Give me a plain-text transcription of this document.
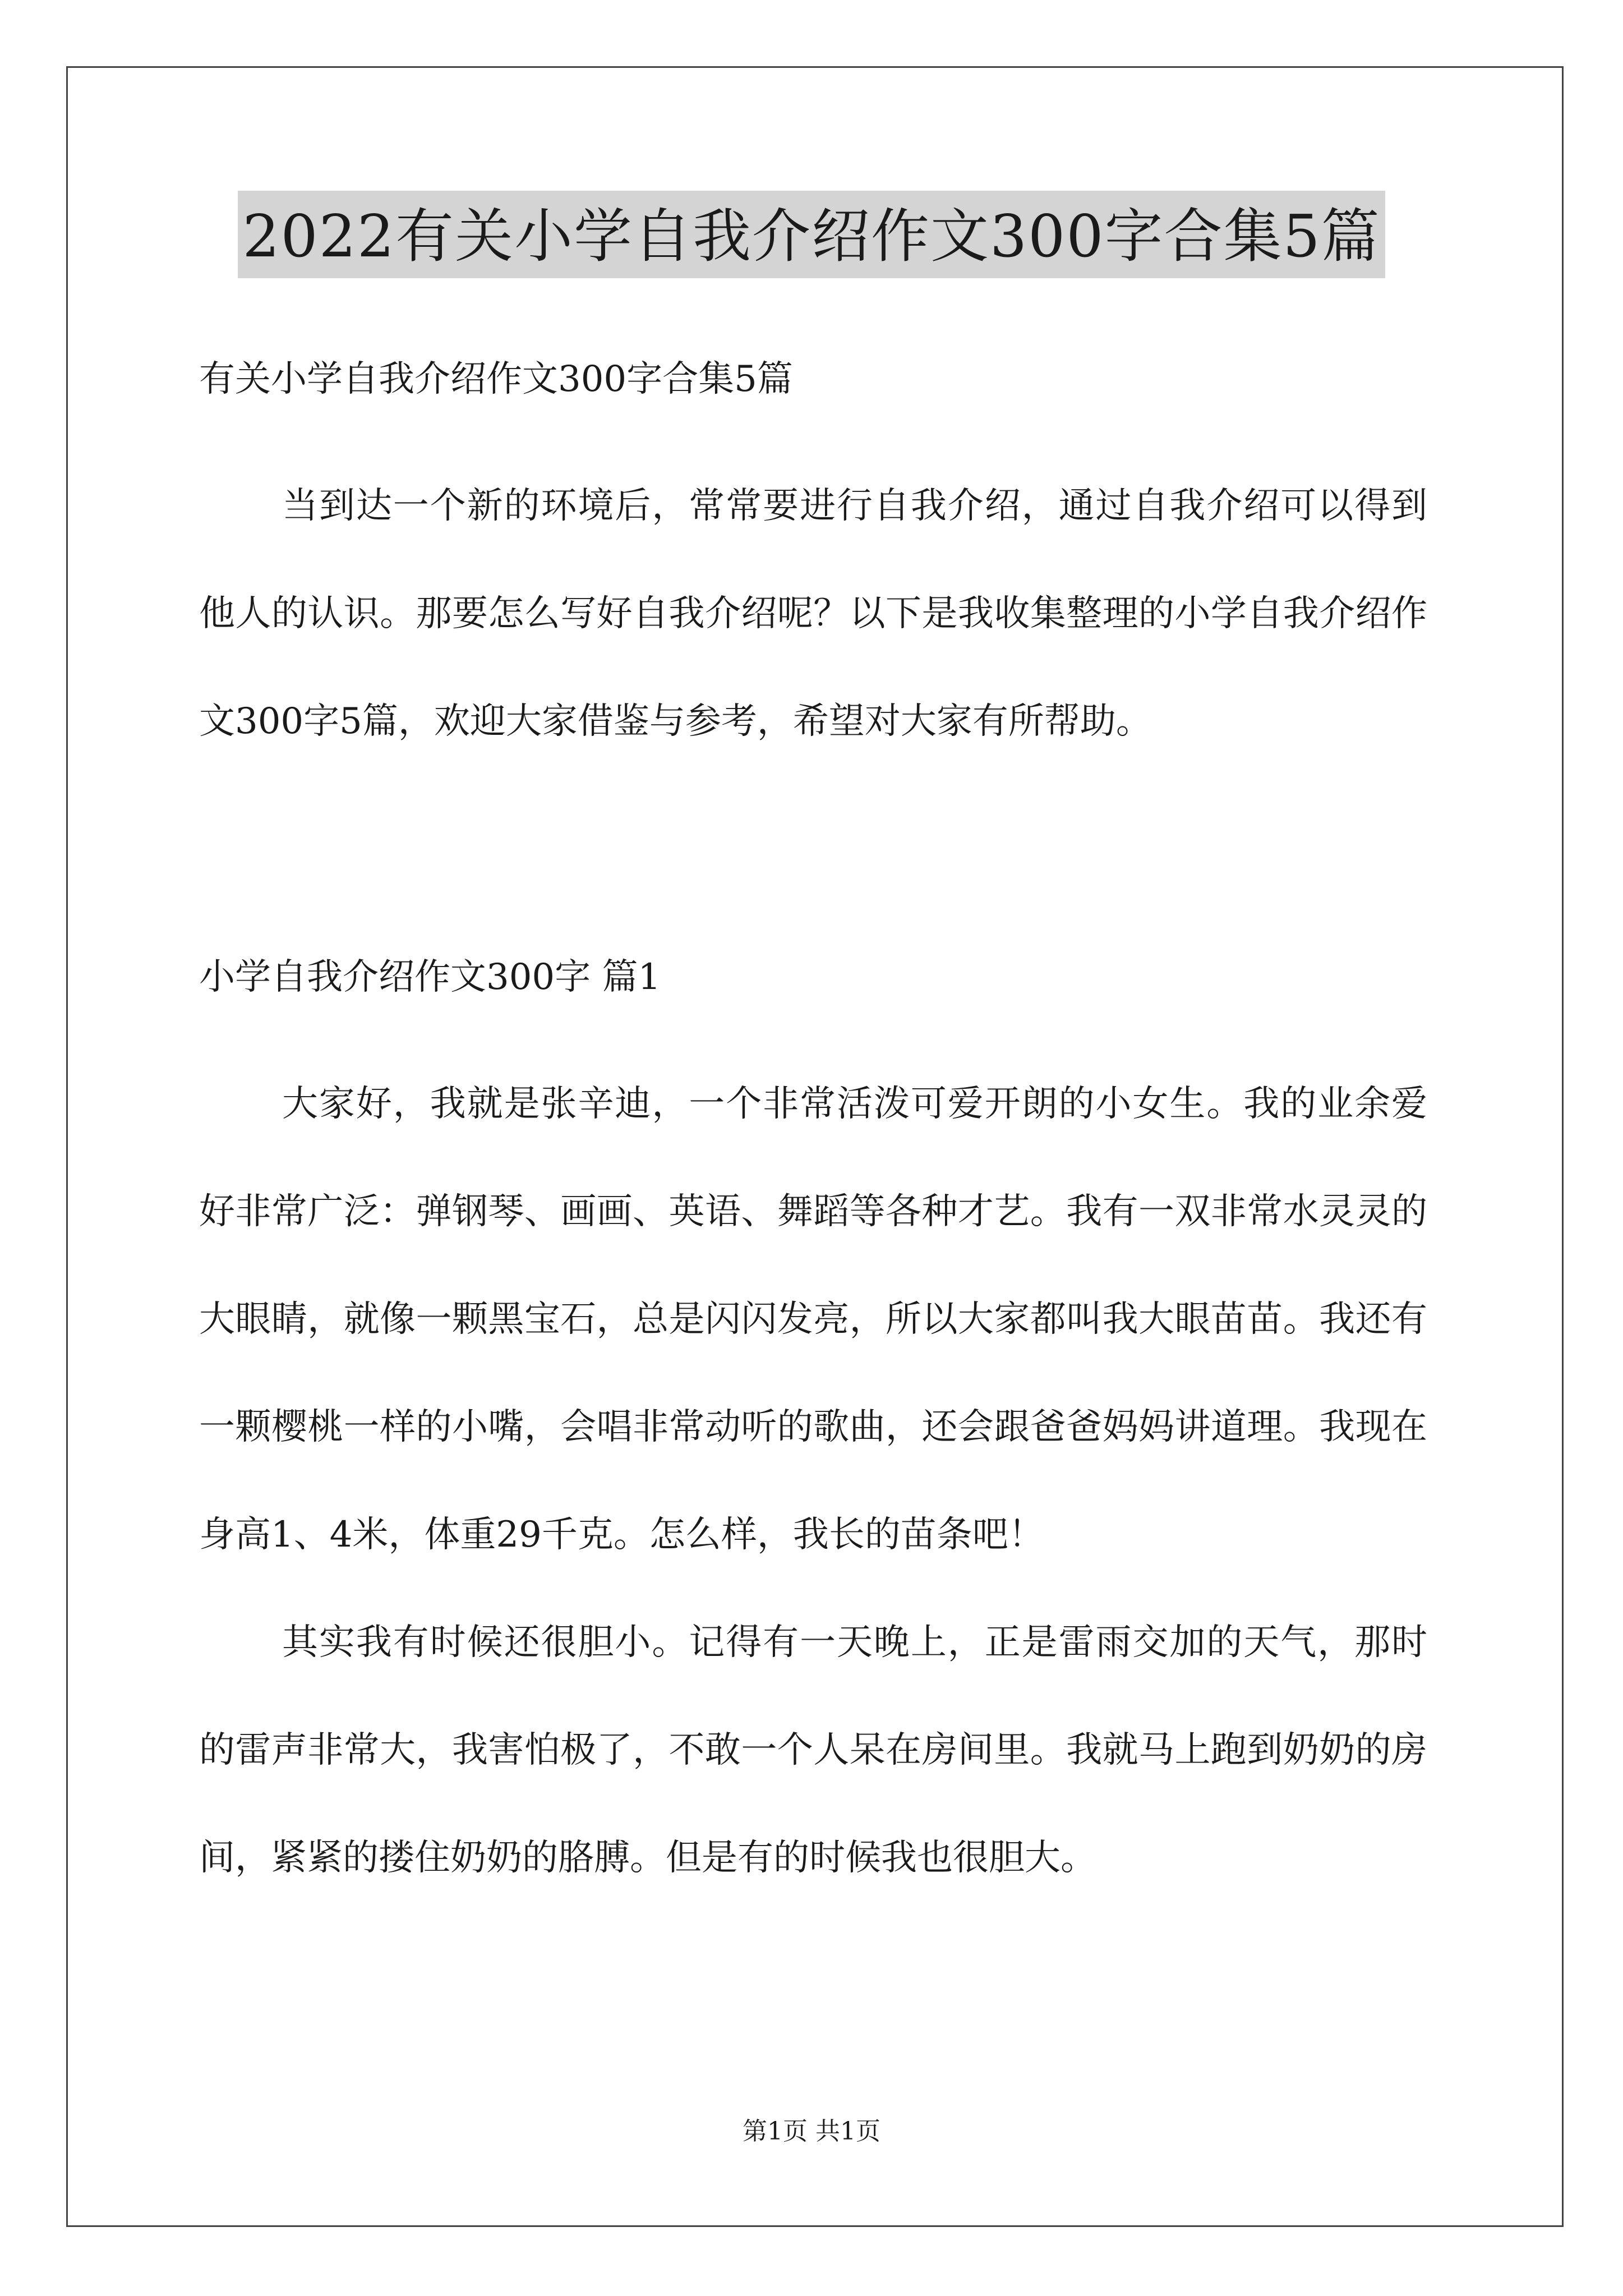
2022有关小学自我介绍作文300字合集5篇
有关小学自我介绍作文300字合集5篇

当到达一个新的环境后，常常要进行自我介绍，通过自我介绍可以得到他人的认识。那要怎么写好自我介绍呢？以下是我收集整理的小学自我介绍作文300字5篇，欢迎大家借鉴与参考，希望对大家有所帮助。

小学自我介绍作文300字 篇1

大家好，我就是张辛迪，一个非常活泼可爱开朗的小女生。我的业余爱好非常广泛：弹钢琴、画画、英语、舞蹈等各种才艺。我有一双非常水灵灵的大眼睛，就像一颗黑宝石，总是闪闪发亮，所以大家都叫我大眼苗苗。我还有一颗樱桃一样的小嘴，会唱非常动听的歌曲，还会跟爸爸妈妈讲道理。我现在身高1、4米，体重29千克。怎么样，我长的苗条吧！

其实我有时候还很胆小。记得有一天晚上，正是雷雨交加的天气，那时的雷声非常大，我害怕极了，不敢一个人呆在房间里。我就马上跑到奶奶的房间，紧紧的搂住奶奶的胳膊。但是有的时候我也很胆大。

第1页 共1页
